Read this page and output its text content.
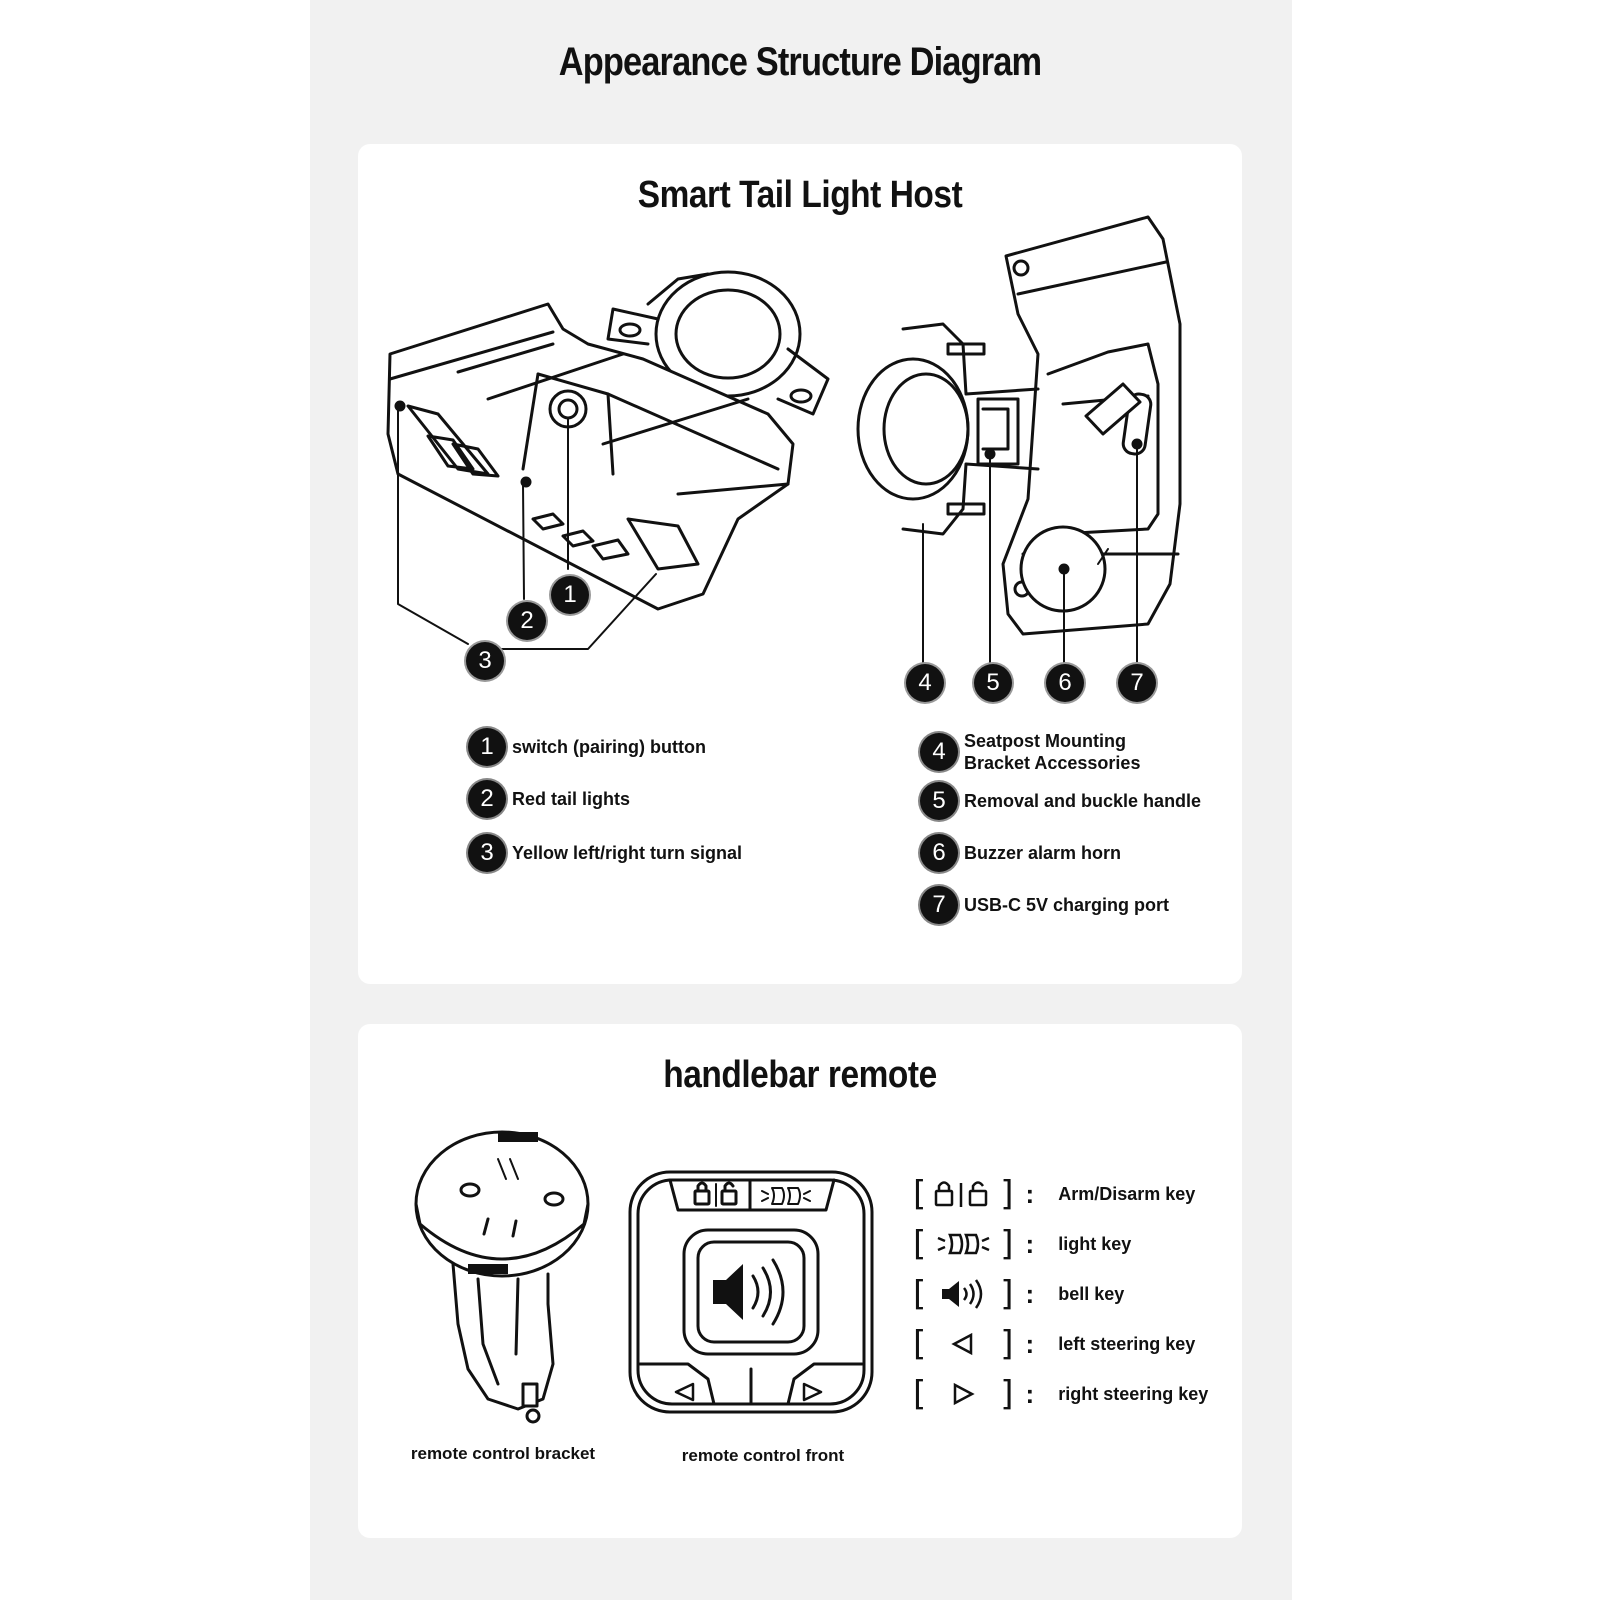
Appearance Structure Diagram
Smart Tail Light Host
1
2
3
4	5	6	7
1	switch (pairing) button
2	Red tail lights
3	Yellow left/right turn signal
4	Seatpost Mounting Bracket Accessories
5	Removal and buckle handle
6	Buzzer alarm horn
7	USB-C 5V charging port
handlebar remote
remote control bracket	remote control front
[ ] : Arm/Disarm key
[ ] : light key
[ ] : bell key
[ ] : left steering key
[ ] : right steering key
